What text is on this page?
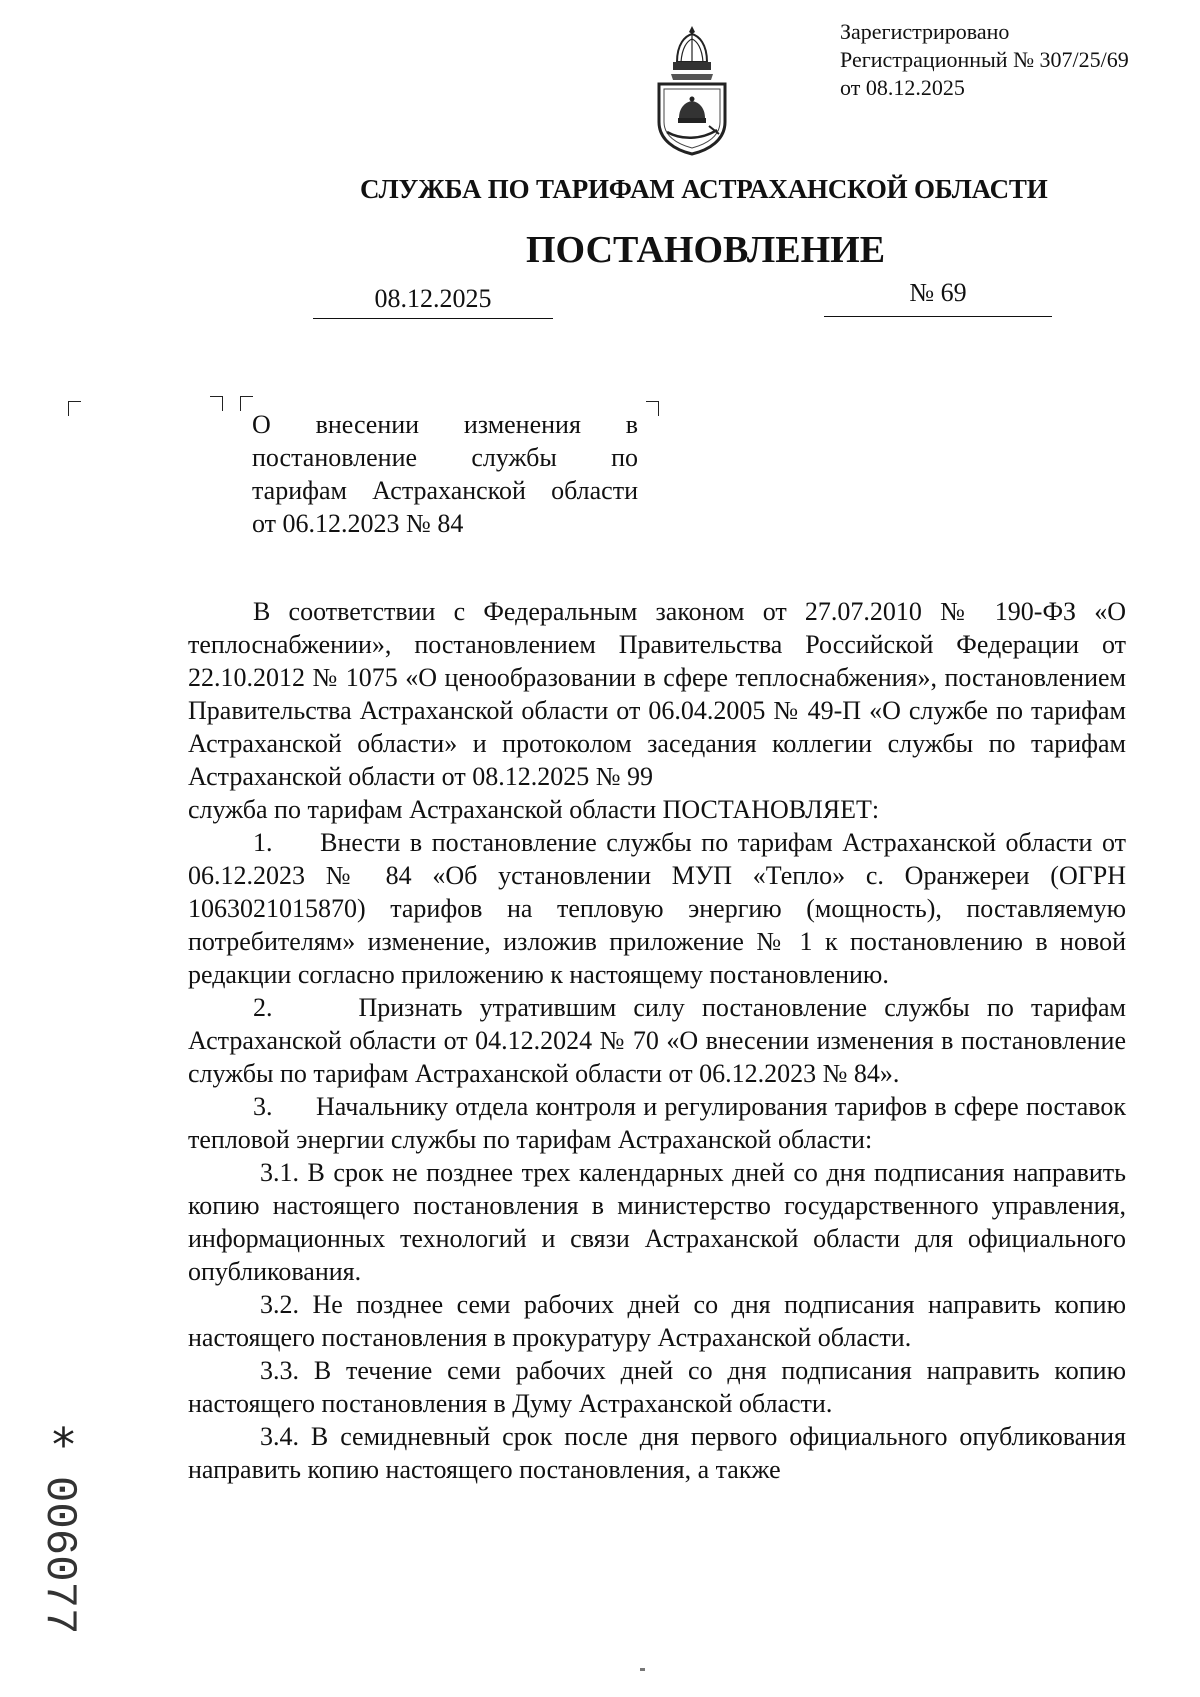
Зарегистрировано
Регистрационный № 307/25/69
от 08.12.2025
СЛУЖБА ПО ТАРИФАМ АСТРАХАНСКОЙ ОБЛАСТИ
ПОСТАНОВЛЕНИЕ
08.12.2025	№ 69

О внесении изменения в

постановление службы по

тарифам Астраханской области

от 06.12.2023 № 84

В соответствии с Федеральным законом от 27.07.2010 № 190-ФЗ «О теплоснабжении», постановлением Правительства Российской Федерации от 22.10.2012 № 1075 «О ценообразовании в сфере теплоснабжения», постановлением Правительства Астраханской области от 06.04.2005 № 49-П «О службе по тарифам Астраханской области» и протоколом заседания коллегии службы по тарифам Астраханской области от 08.12.2025 № 99

служба по тарифам Астраханской области ПОСТАНОВЛЯЕТ:

1.     Внести в постановление службы по тарифам Астраханской области от 06.12.2023 № 84 «Об установлении МУП «Тепло» с. Оранжереи (ОГРН 1063021015870) тарифов на тепловую энергию (мощность), поставляемую потребителям» изменение, изложив приложение № 1 к постановлению в новой редакции согласно приложению к настоящему постановлению.

2.     Признать утратившим силу постановление службы по тарифам Астраханской области от 04.12.2024 № 70 «О внесении изменения в постановление службы по тарифам Астраханской области от 06.12.2023 № 84».

3.      Начальнику отдела контроля и регулирования тарифов в сфере поставок тепловой энергии службы по тарифам Астраханской области:

3.1. В срок не позднее трех календарных дней со дня подписания направить копию настоящего постановления в министерство государственного управления, информационных технологий и связи Астраханской области для официального опубликования.

3.2. Не позднее семи рабочих дней со дня подписания направить копию настоящего постановления в прокуратуру Астраханской области.

3.3. В течение семи рабочих дней со дня подписания направить копию настоящего постановления в Думу Астраханской области.

3.4. В семидневный срок после дня первого официального опубликования направить копию настоящего постановления, а также

*
006077
